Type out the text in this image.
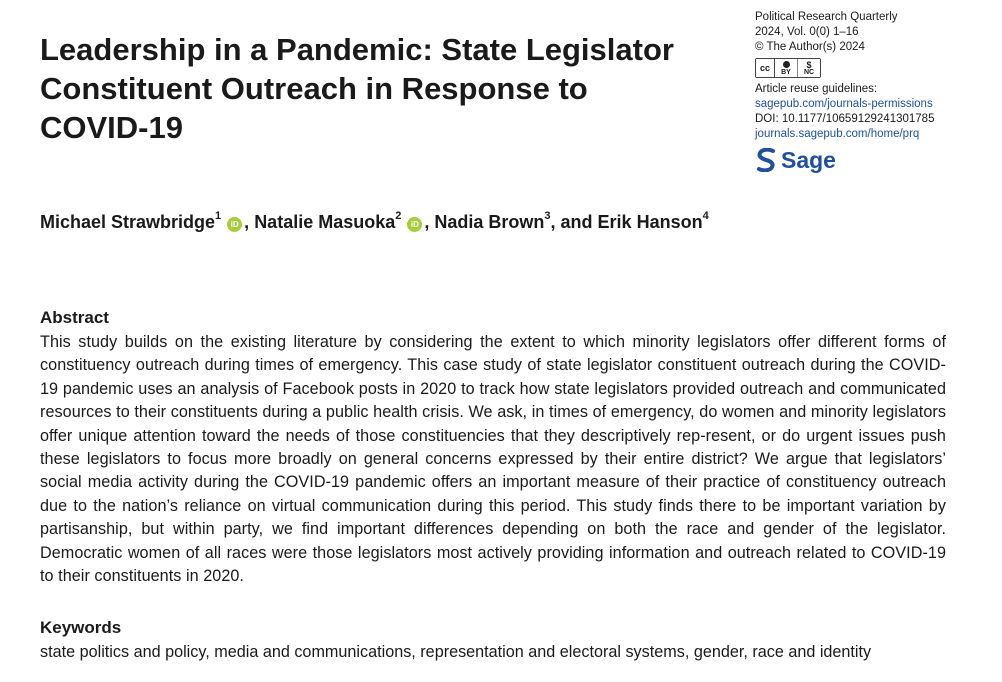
Leadership in a Pandemic: State Legislator
Constituent Outreach in Response to
COVID-19
Political Research Quarterly
2024, Vol. 0(0) 1–16
© The Author(s) 2024
cc	BY
$
NC
Article reuse guidelines:
sagepub.com/journals-permissions
DOI: 10.1177/10659129241301785
journals.sagepub.com/home/prq
Sage
Michael Strawbridge$^1$iD , Natalie Masuoka$^2$iD , Nadia Brown$^3$, and Erik Hanson$^4$
Abstract

This study builds on the existing literature by considering the extent to which minority legislators offer different forms of constituency outreach during times of emergency. This case study of state legislator constituent outreach during the COVID-19 pandemic uses an analysis of Facebook posts in 2020 to track how state legislators provided outreach and communicated resources to their constituents during a public health crisis. We ask, in times of emergency, do women and minority legislators offer unique attention toward the needs of those constituencies that they descriptively rep-resent, or do urgent issues push these legislators to focus more broadly on general concerns expressed by their entire district? We argue that legislators’ social media activity during the COVID-19 pandemic offers an important measure of their practice of constituency outreach due to the nation’s reliance on virtual communication during this period. This study finds there to be important variation by partisanship, but within party, we find important differences depending on both the race and gender of the legislator. Democratic women of all races were those legislators most actively providing information and outreach related to COVID-19 to their constituents in 2020.

Keywords

state politics and policy, media and communications, representation and electoral systems, gender, race and identity
